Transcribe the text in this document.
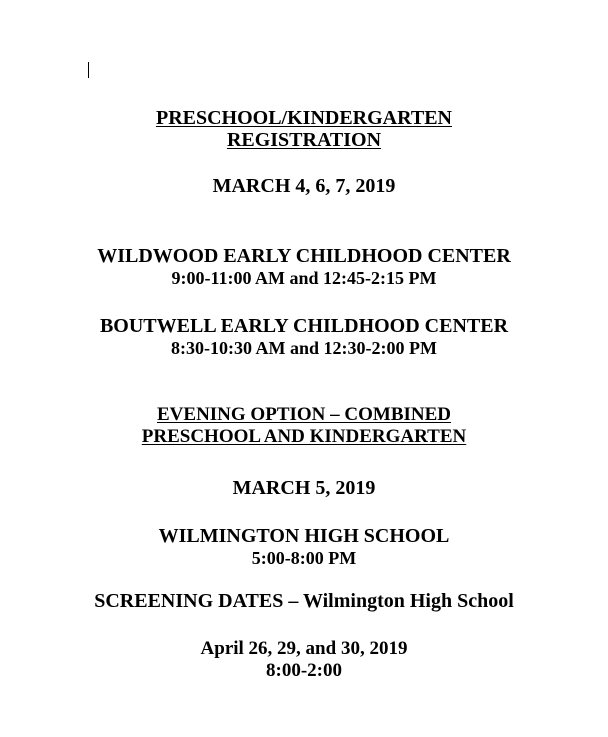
PRESCHOOL/KINDERGARTEN
REGISTRATION
MARCH 4, 6, 7, 2019
WILDWOOD EARLY CHILDHOOD CENTER
9:00-11:00 AM and 12:45-2:15 PM
BOUTWELL EARLY CHILDHOOD CENTER
8:30-10:30 AM and 12:30-2:00 PM
EVENING OPTION – COMBINED
PRESCHOOL AND KINDERGARTEN
MARCH 5, 2019
WILMINGTON HIGH SCHOOL
5:00-8:00 PM
SCREENING DATES – Wilmington High School
April 26, 29, and 30, 2019
8:00-2:00
